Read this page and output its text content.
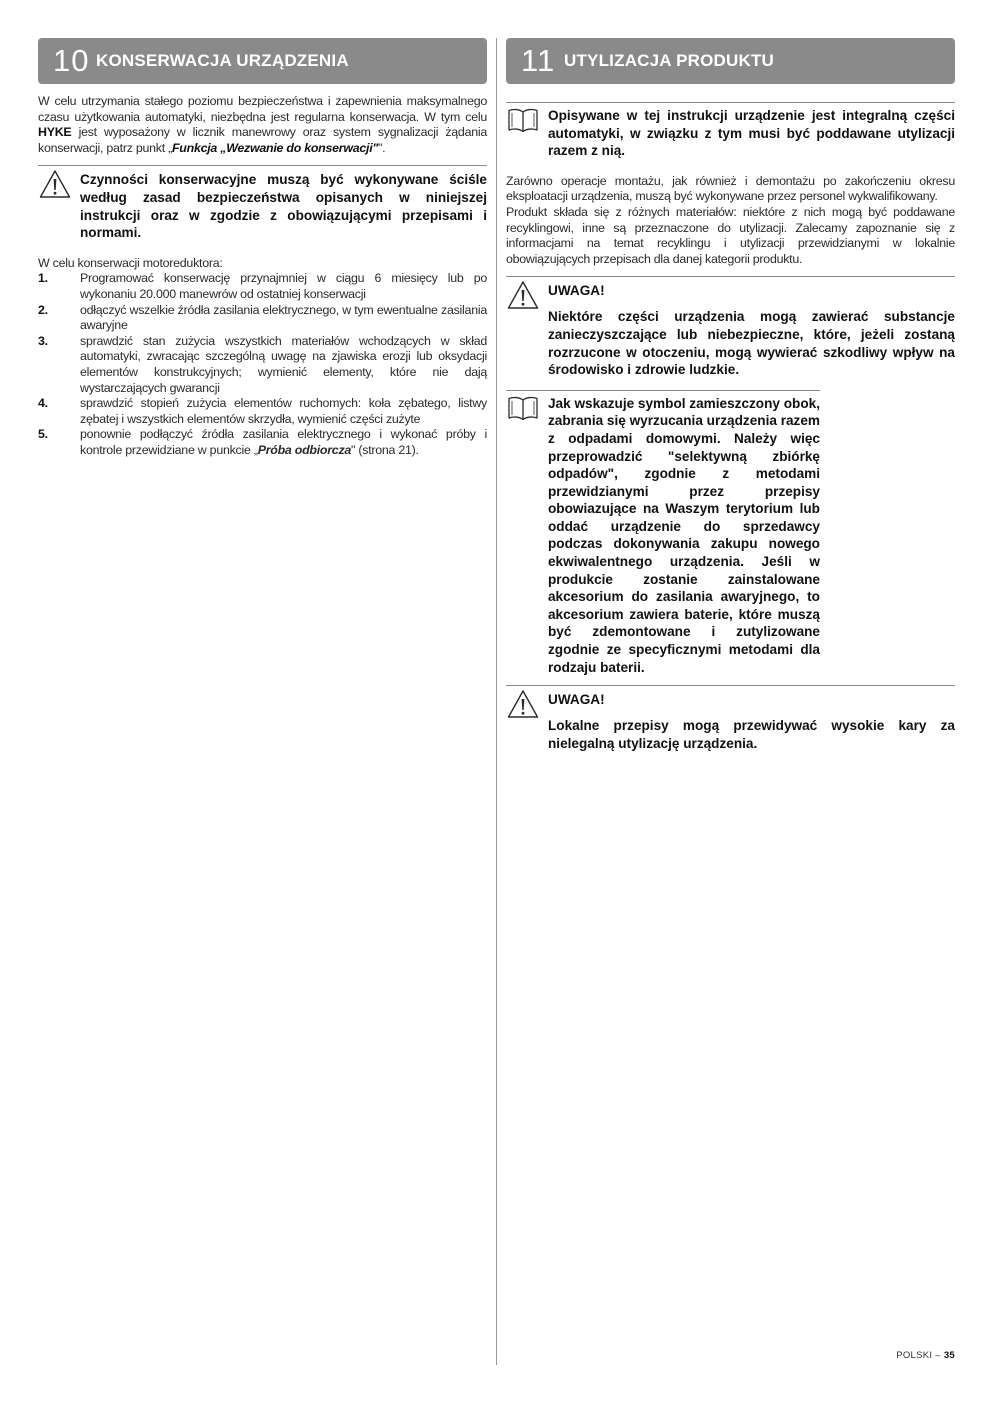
10 KONSERWACJA URZĄDZENIA

W celu utrzymania stałego poziomu bezpieczeństwa i zapewnienia maksymalnego czasu użytkowania automatyki, niezbędna jest regularna konserwacja. W tym celu HYKE jest wyposażony w licznik manewrowy oraz system sygnalizacji żądania konserwacji, patrz punkt „Funkcja „Wezwanie do konserwacji"".

Czynności konserwacyjne muszą być wykonywane ściśle według zasad bezpieczeństwa opisanych w niniejszej instrukcji oraz w zgodzie z obowiązującymi przepisami i normami.

W celu konserwacji motoreduktora:

1.	Programować konserwację przynajmniej w ciągu 6 miesięcy lub po wykonaniu 20.000 manewrów od ostatniej konserwacji
2.	odłączyć wszelkie źródła zasilania elektrycznego, w tym ewentualne zasilania awaryjne
3.	sprawdzić stan zużycia wszystkich materiałów wchodzących w skład automatyki, zwracając szczególną uwagę na zjawiska erozji lub oksydacji elementów konstrukcyjnych; wymienić elementy, które nie dają wystarczających gwarancji
4.	sprawdzić stopień zużycia elementów ruchomych: koła zębatego, listwy zębatej i wszystkich elementów skrzydła, wymienić części zużyte
5.	ponownie podłączyć źródła zasilania elektrycznego i wykonać próby i kontrole przewidziane w punkcie „Próba odbiorcza" (strona 21).
11 UTYLIZACJA PRODUKTU

Opisywane w tej instrukcji urządzenie jest integralną części automatyki, w związku z tym musi być poddawane utylizacji razem z nią.

Zarówno operacje montażu, jak również i demontażu po zakończeniu okresu eksploatacji urządzenia, muszą być wykonywane przez personel wykwalifikowany.

Produkt składa się z różnych materiałów: niektóre z nich mogą być poddawane recyklingowi, inne są przeznaczone do utylizacji. Zalecamy zapoznanie się z informacjami na temat recyklingu i utylizacji przewidzianymi w lokalnie obowiązujących przepisach dla danej kategorii produktu.

UWAGA!

Niektóre części urządzenia mogą zawierać substancje zanieczyszczające lub niebezpieczne, które, jeżeli zostaną rozrzucone w otoczeniu, mogą wywierać szkodliwy wpływ na środowisko i zdrowie ludzkie.

Jak wskazuje symbol zamieszczony obok, zabrania się wyrzucania urządzenia razem z odpadami domowymi. Należy więc przeprowadzić "selektywną zbiórkę odpadów", zgodnie z metodami przewidzianymi przez przepisy obowiazujące na Waszym terytorium lub oddać urządzenie do sprzedawcy podczas dokonywania zakupu nowego ekwiwalentnego urządzenia. Jeśli w produkcie zostanie zainstalowane akcesorium do zasilania awaryjnego, to akcesorium zawiera baterie, które muszą być zdemontowane i zutylizowane zgodnie ze specyficznymi metodami dla rodzaju baterii.

UWAGA!

Lokalne przepisy mogą przewidywać wysokie kary za nielegalną utylizację urządzenia.

POLSKI – 35
